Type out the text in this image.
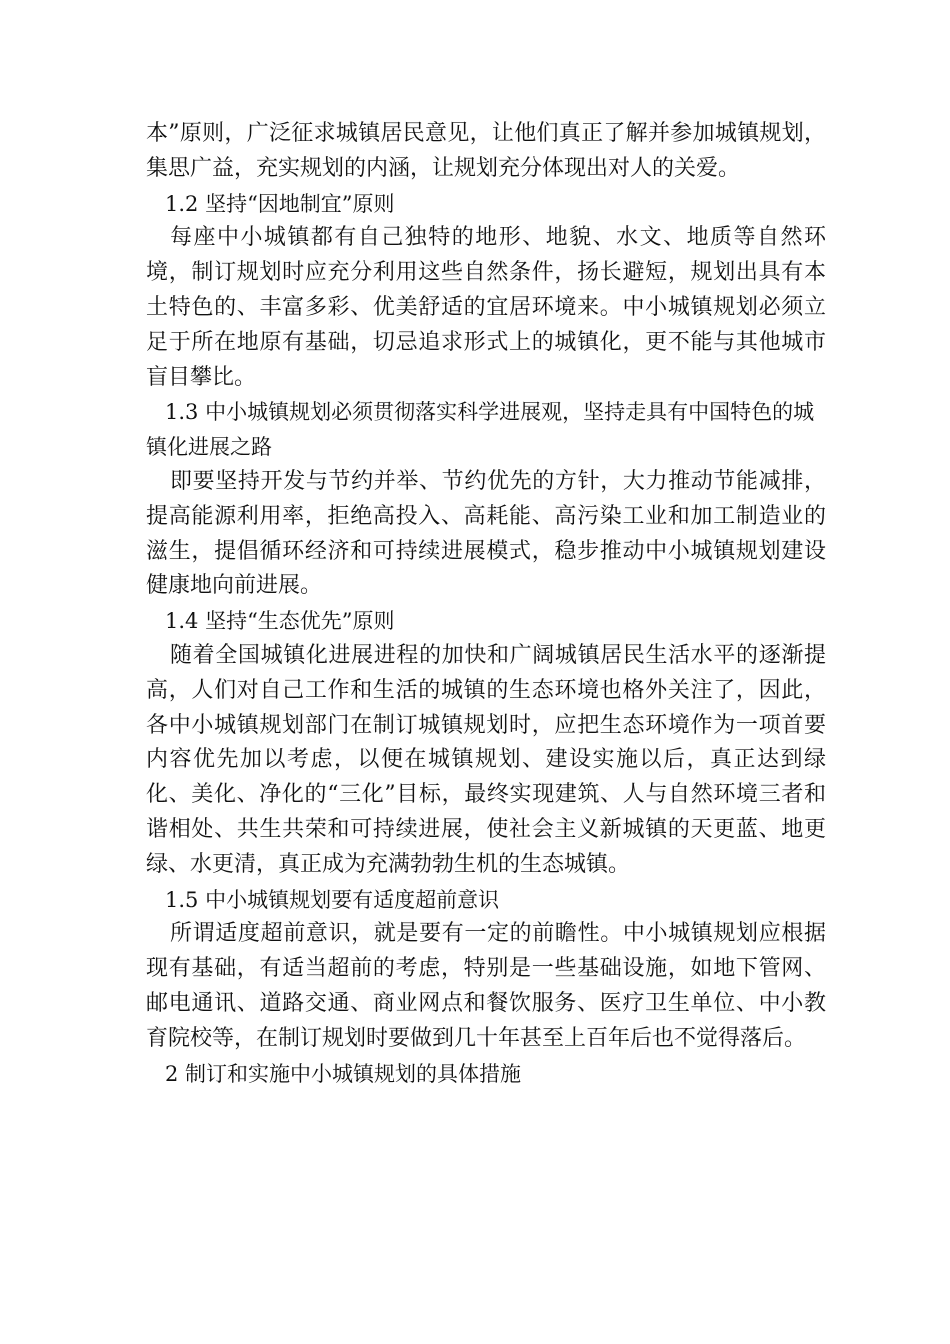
本”原则，广泛征求城镇居民意见，让他们真正了解并参加城镇规划，集思广益，充实规划的内涵，让规划充分体现出对人的关爱。

1.2 坚持“因地制宜”原则

每座中小城镇都有自己独特的地形、地貌、水文、地质等自然环境，制订规划时应充分利用这些自然条件，扬长避短，规划出具有本土特色的、丰富多彩、优美舒适的宜居环境来。中小城镇规划必须立足于所在地原有基础，切忌追求形式上的城镇化，更不能与其他城市盲目攀比。

1.3 中小城镇规划必须贯彻落实科学进展观，坚持走具有中国特色的城镇化进展之路

即要坚持开发与节约并举、节约优先的方针，大力推动节能减排，提高能源利用率，拒绝高投入、高耗能、高污染工业和加工制造业的滋生，提倡循环经济和可持续进展模式，稳步推动中小城镇规划建设健康地向前进展。

1.4 坚持“生态优先”原则

随着全国城镇化进展进程的加快和广阔城镇居民生活水平的逐渐提高，人们对自己工作和生活的城镇的生态环境也格外关注了，因此，各中小城镇规划部门在制订城镇规划时，应把生态环境作为一项首要内容优先加以考虑，以便在城镇规划、建设实施以后，真正达到绿化、美化、净化的“三化”目标，最终实现建筑、人与自然环境三者和谐相处、共生共荣和可持续进展，使社会主义新城镇的天更蓝、地更绿、水更清，真正成为充满勃勃生机的生态城镇。

1.5 中小城镇规划要有适度超前意识

所谓适度超前意识，就是要有一定的前瞻性。中小城镇规划应根据现有基础，有适当超前的考虑，特别是一些基础设施，如地下管网、邮电通讯、道路交通、商业网点和餐饮服务、医疗卫生单位、中小教育院校等，在制订规划时要做到几十年甚至上百年后也不觉得落后。

2 制订和实施中小城镇规划的具体措施
